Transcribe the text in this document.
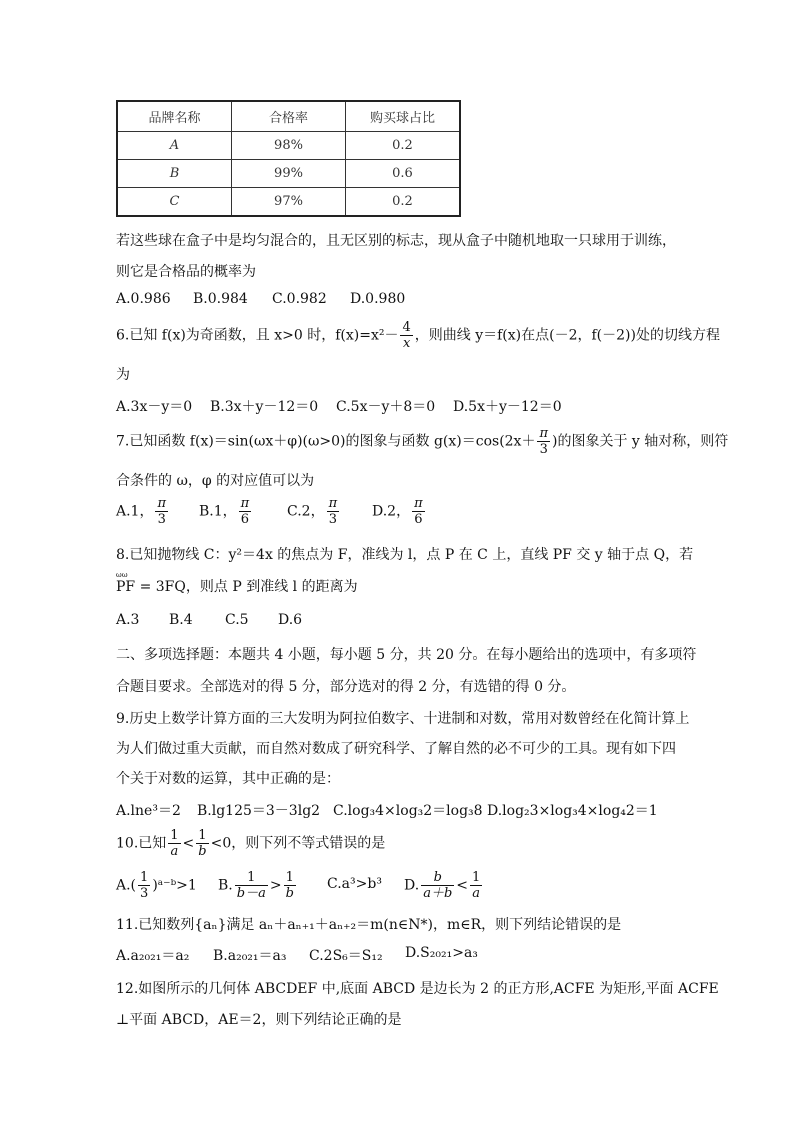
品牌名称	合格率	购买球占比
A	98%	0.2
B	99%	0.6
C	97%	0.2
若这些球在盒子中是均匀混合的，且无区别的标志，现从盒子中随机地取一只球用于训练，
则它是合格品的概率为
A.0.986 B.0.984 C.0.982 D.0.980
6.已知 f(x)为奇函数，且 x>0 时，$f(x)=x^2- \frac{4}{x}$ ，则曲线 y＝f(x)在点(－2，f(－2))处的切线方程
为
A.3x－y＝0 B.3x＋y－12＝0 C.5x－y＋8＝0 D.5x＋y－12＝0
7.已知函数 f(x)＝sin(ωx＋φ)(ω>0)的图象与函数 $g(x)=\cos(2x+ \frac{\pi}{3}$ )的图象关于 y 轴对称，则符
合条件的 ω，φ 的对应值可以为
A.1， $\frac{\pi}{3} B.1$， $\frac{\pi}{6}$	C.2， $\frac{\pi}{3} D.2$， $\frac{\pi}{6}$
8.已知抛物线 C：y²＝4x 的焦点为 F，准线为 l，点 P 在 C 上，直线 PF 交 y 轴于点 Q，若
ω ω PF = 3FQ，则点 P 到准线 l 的距离为
A.3 B.4 C.5 D.6
二、多项选择题：本题共 4 小题，每小题 5 分，共 20 分。在每小题给出的选项中，有多项符
合题目要求。全部选对的得 5 分，部分选对的得 2 分，有选错的得 0 分。
9.历史上数学计算方面的三大发明为阿拉伯数字、十进制和对数，常用对数曾经在化简计算上
为人们做过重大贡献，而自然对数成了研究科学、了解自然的必不可少的工具。现有如下四
个关于对数的运算，其中正确的是：
A.lne³＝2 B.lg125＝3－3lg2 C.log₃4×log₃2＝log₃8 D.log₂3×log₃4×log₄2＝1
10.已知 $\frac{1}{a} < \frac{1}{b} <0$，则下列不等式错误的是
$A.( \frac{1}{3}$ )ᵃ⁻ᵇ>1 B. $\frac{1}{b-a} > \frac{1}{b} C.a^3>b^3$ D. $\frac{b}{a+b} < \frac{1}{a}$
11.已知数列{aₙ}满足 aₙ＋aₙ₊₁＋aₙ₊₂＝m(n∈N*)，m∈R，则下列结论错误的是
A.a₂₀₂₁＝a₂ B.a₂₀₂₁＝a₃ C.2S₆＝S₁₂ D.S₂₀₂₁>a₃
12.如图所示的几何体 ABCDEF 中,底面 ABCD 是边长为 2 的正方形,ACFE 为矩形,平面 ACFE
⊥平面 ABCD，AE＝2，则下列结论正确的是
